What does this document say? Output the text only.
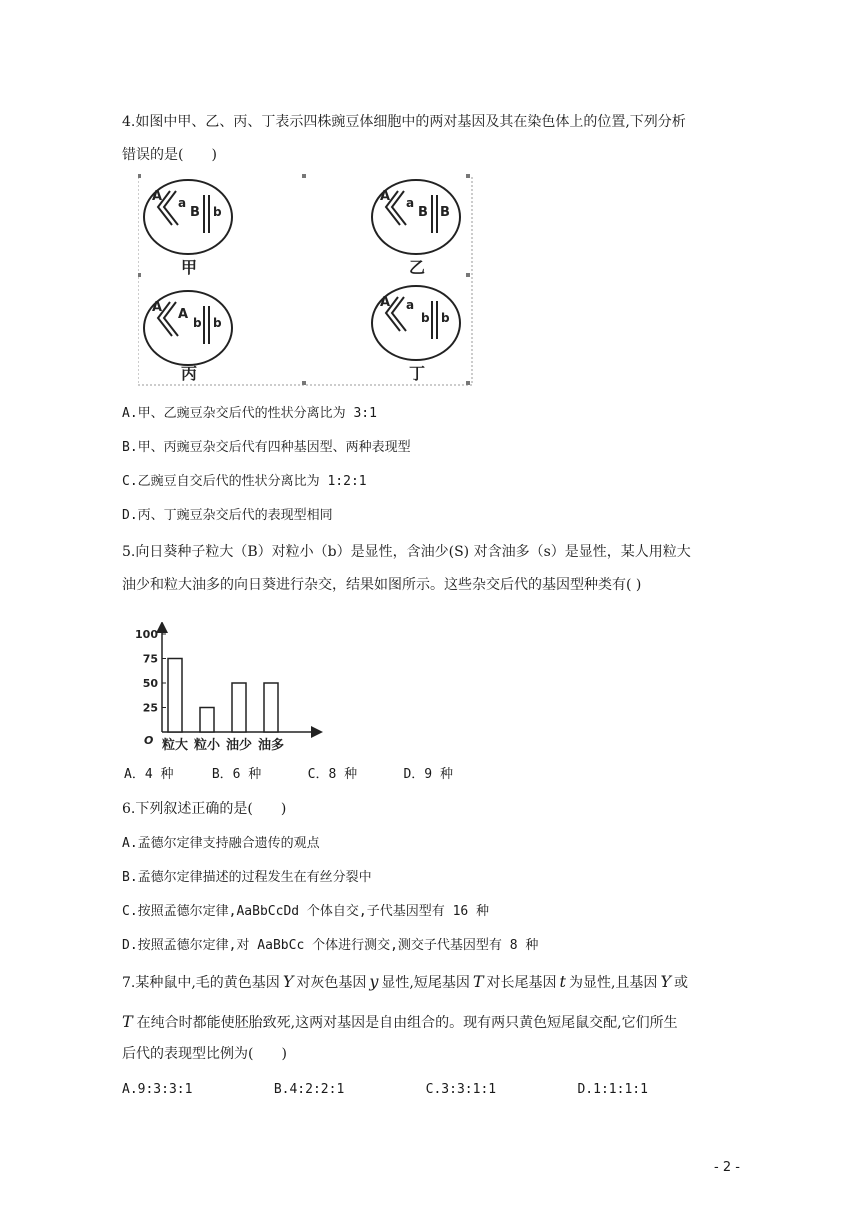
4.如图中甲、乙、丙、丁表示四株豌豆体细胞中的两对基因及其在染色体上的位置,下列分析
错误的是(　　)
A a
B b
甲
A a
B B
乙
A A
b b
丙
A a
b b
丁
A.甲、乙豌豆杂交后代的性状分离比为 3:1
B.甲、丙豌豆杂交后代有四种基因型、两种表现型
C.乙豌豆自交后代的性状分离比为 1:2:1
D.丙、丁豌豆杂交后代的表现型相同
5.向日葵种子粒大（B）对粒小（b）是显性，含油少(S) 对含油多（s）是显性，某人用粒大
油少和粒大油多的向日葵进行杂交，结果如图所示。这些杂交后代的基因型种类有( )
100
75
50
25
粒大 粒小 油少 油多
O
A．4 种	B．6 种	C．8 种	D．9 种
6.下列叙述正确的是(　　)
A.孟德尔定律支持融合遗传的观点
B.孟德尔定律描述的过程发生在有丝分裂中
C.按照孟德尔定律,AaBbCcDd 个体自交,子代基因型有 16 种
D.按照孟德尔定律,对 AaBbCc 个体进行测交,测交子代基因型有 8 种
7.某种鼠中,毛的黄色基因 Y 对灰色基因 y 显性,短尾基因 T 对长尾基因 t 为显性,且基因 Y 或
T 在纯合时都能使胚胎致死,这两对基因是自由组合的。现有两只黄色短尾鼠交配,它们所生
后代的表现型比例为(　　)
A.9:3:3:1	B.4:2:2:1	C.3:3:1:1	D.1:1:1:1
- 2 -
